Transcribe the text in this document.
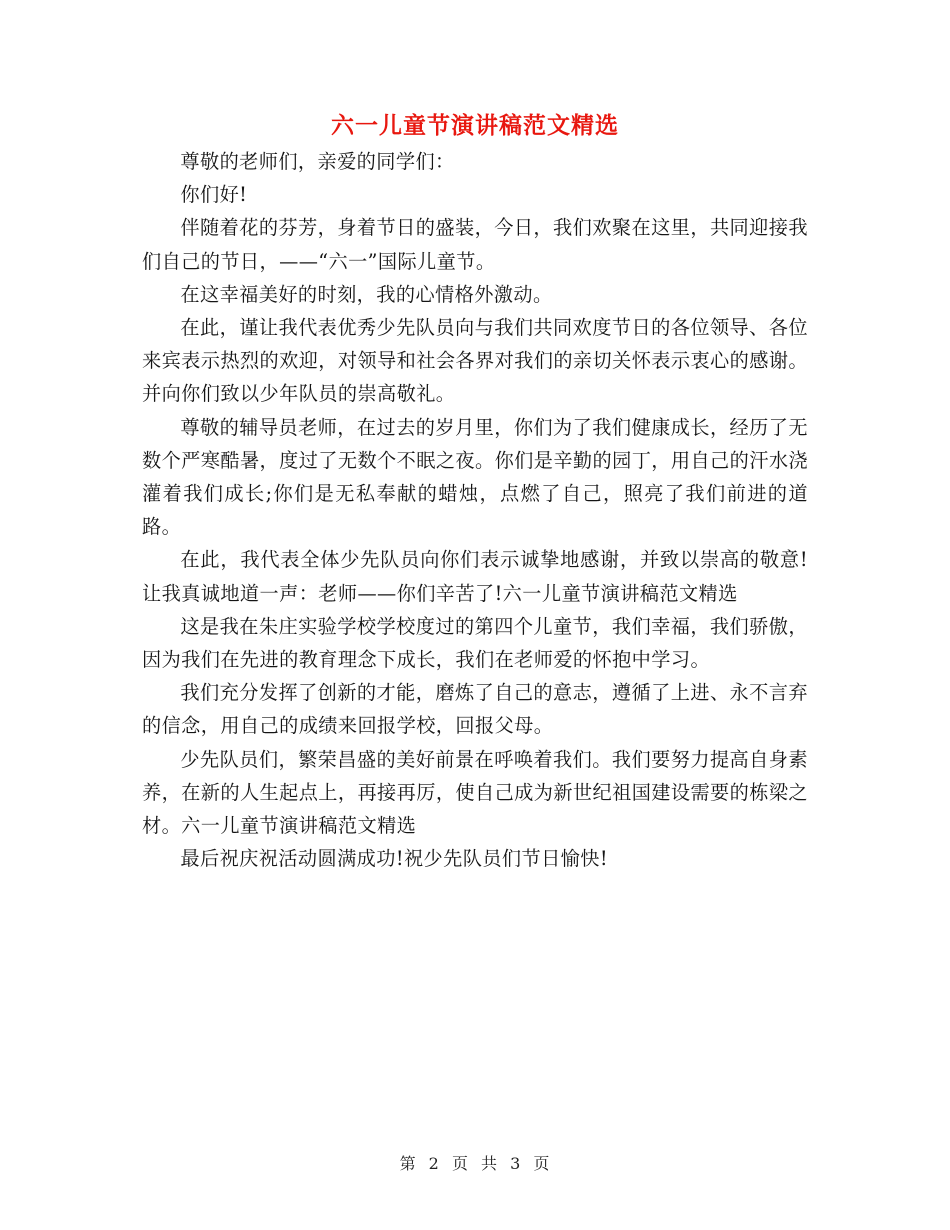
六一儿童节演讲稿范文精选

尊敬的老师们，亲爱的同学们：

你们好!

伴随着花的芬芳，身着节日的盛装，今日，我们欢聚在这里，共同迎接我们自己的节日，——“六一”国际儿童节。

在这幸福美好的时刻，我的心情格外激动。

在此，谨让我代表优秀少先队员向与我们共同欢度节日的各位领导、各位来宾表示热烈的欢迎，对领导和社会各界对我们的亲切关怀表示衷心的感谢。并向你们致以少年队员的崇高敬礼。

尊敬的辅导员老师，在过去的岁月里，你们为了我们健康成长，经历了无数个严寒酷暑，度过了无数个不眠之夜。你们是辛勤的园丁，用自己的汗水浇灌着我们成长;你们是无私奉献的蜡烛，点燃了自己，照亮了我们前进的道路。

在此，我代表全体少先队员向你们表示诚挚地感谢，并致以崇高的敬意!让我真诚地道一声：老师——你们辛苦了!六一儿童节演讲稿范文精选

这是我在朱庄实验学校学校度过的第四个儿童节，我们幸福，我们骄傲，因为我们在先进的教育理念下成长，我们在老师爱的怀抱中学习。

我们充分发挥了创新的才能，磨炼了自己的意志，遵循了上进、永不言弃的信念，用自己的成绩来回报学校，回报父母。

少先队员们，繁荣昌盛的美好前景在呼唤着我们。我们要努力提高自身素养，在新的人生起点上，再接再厉，使自己成为新世纪祖国建设需要的栋梁之材。六一儿童节演讲稿范文精选

最后祝庆祝活动圆满成功!祝少先队员们节日愉快!

第 2 页 共 3 页
